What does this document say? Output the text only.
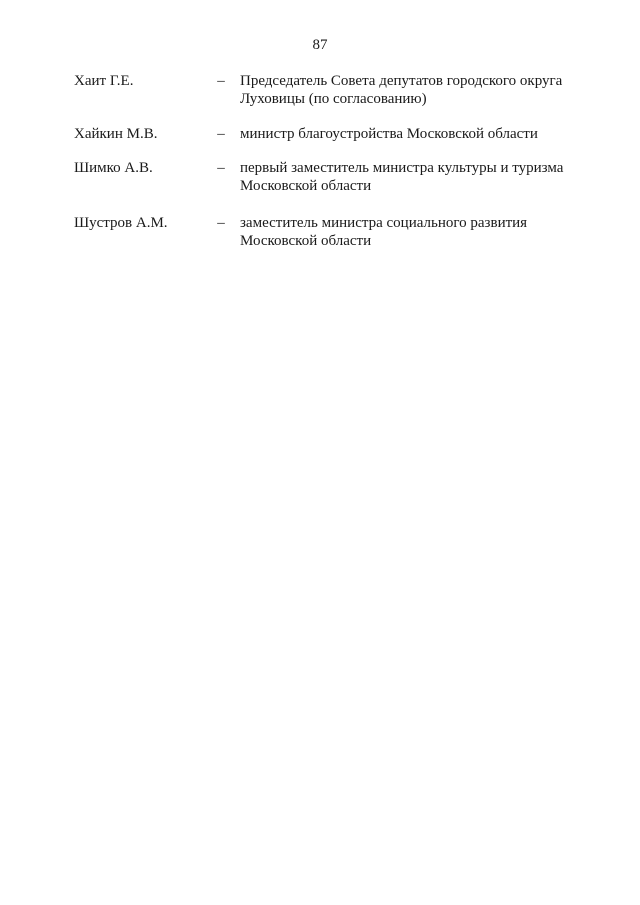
87
Хаит Г.Е.	– Председатель Совета депутатов городского округа
Луховицы (по согласованию)
Хайкин М.В.	– министр благоустройства Московской области
Шимко А.В.	– первый заместитель министра культуры и туризма
Московской области
Шустров А.М.	– заместитель министра социального развития
Московской области
